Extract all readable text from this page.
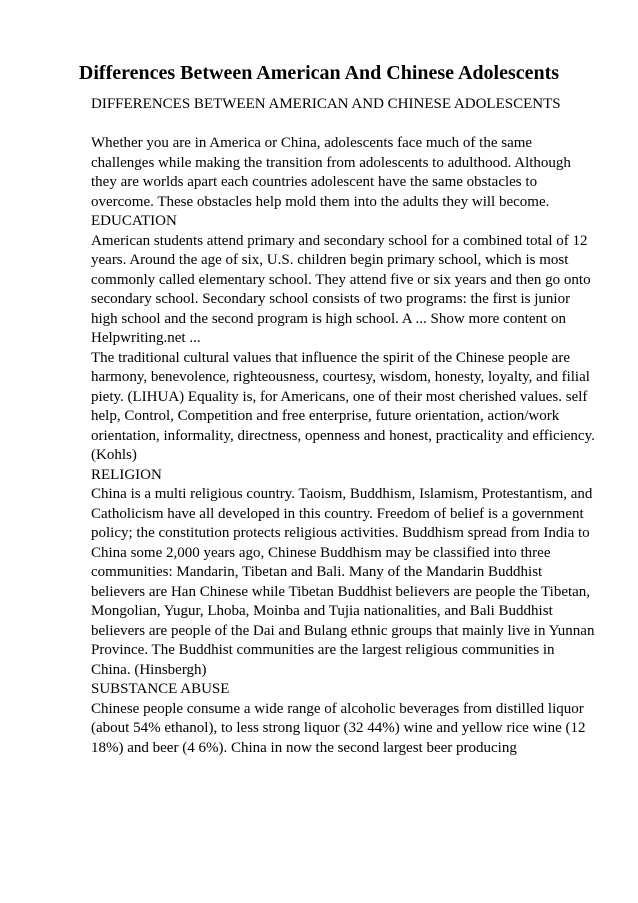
Differences Between American And Chinese Adolescents

DIFFERENCES BETWEEN AMERICAN AND CHINESE ADOLESCENTS

Whether you are in America or China, adolescents face much of the same challenges while making the transition from adolescents to adulthood. Although they are worlds apart each countries adolescent have the same obstacles to overcome. These obstacles help mold them into the adults they will become.

EDUCATION

American students attend primary and secondary school for a combined total of 12 years. Around the age of six, U.S. children begin primary school, which is most commonly called elementary school. They attend five or six years and then go onto secondary school. Secondary school consists of two programs: the first is junior high school and the second program is high school. A ... Show more content on Helpwriting.net ...

The traditional cultural values that influence the spirit of the Chinese people are harmony, benevolence, righteousness, courtesy, wisdom, honesty, loyalty, and filial piety. (LIHUA) Equality is, for Americans, one of their most cherished values. self help, Control, Competition and free enterprise, future orientation, action/work orientation, informality, directness, openness and honest, practicality and efficiency. (Kohls)

RELIGION

China is a multi religious country. Taoism, Buddhism, Islamism, Protestantism, and Catholicism have all developed in this country. Freedom of belief is a government policy; the constitution protects religious activities. Buddhism spread from India to China some 2,000 years ago, Chinese Buddhism may be classified into three communities: Mandarin, Tibetan and Bali. Many of the Mandarin Buddhist believers are Han Chinese while Tibetan Buddhist believers are people the Tibetan, Mongolian, Yugur, Lhoba, Moinba and Tujia nationalities, and Bali Buddhist believers are people of the Dai and Bulang ethnic groups that mainly live in Yunnan Province. The Buddhist communities are the largest religious communities in China. (Hinsbergh)

SUBSTANCE ABUSE

Chinese people consume a wide range of alcoholic beverages from distilled liquor (about 54% ethanol), to less strong liquor (32 44%) wine and yellow rice wine (12 18%) and beer (4 6%). China in now the second largest beer producing
